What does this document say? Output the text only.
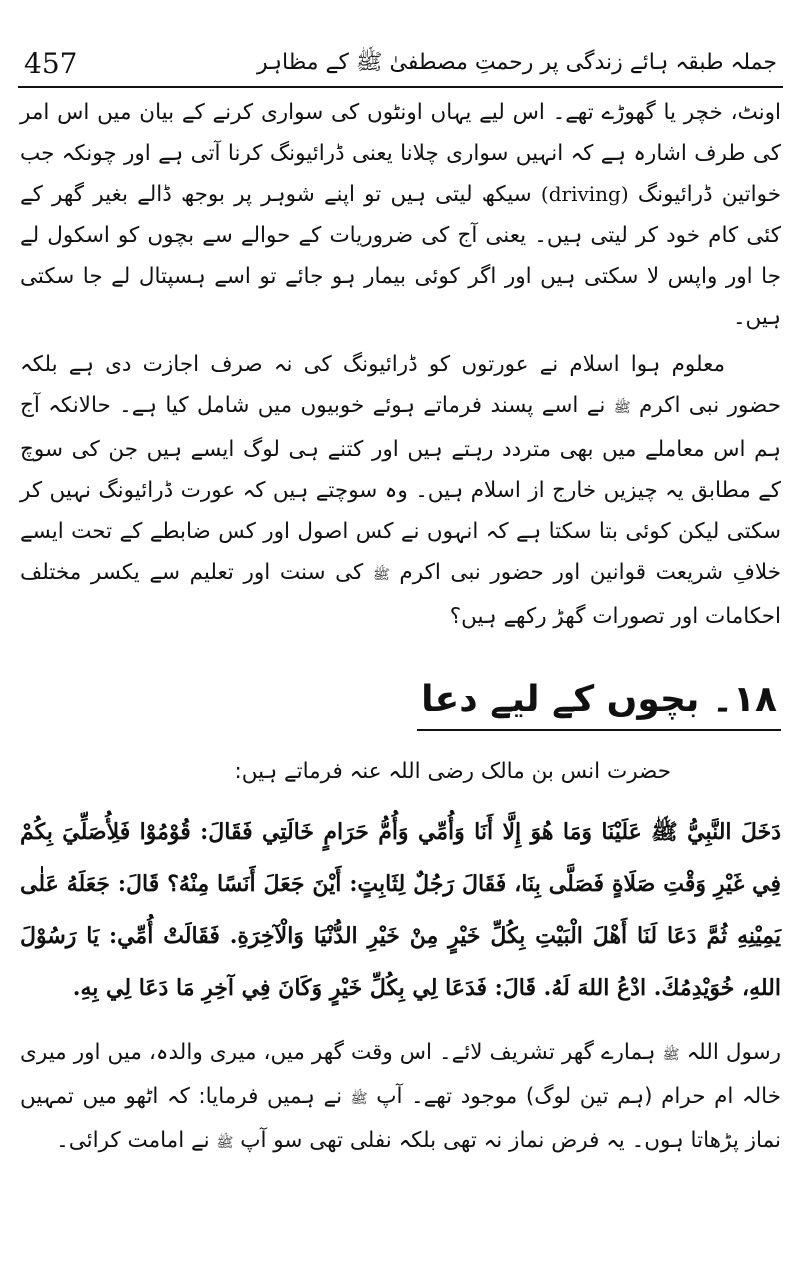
457	جملہ طبقہ ہائے زندگی پر رحمتِ مصطفیٰ ﷺ کے مظاہر

اونٹ، خچر یا گھوڑے تھے۔ اس لیے یہاں اونٹوں کی سواری کرنے کے بیان میں اس امر کی طرف اشارہ ہے کہ انہیں سواری چلانا یعنی ڈرائیونگ کرنا آتی ہے اور چونکہ جب خواتین ڈرائیونگ (driving) سیکھ لیتی ہیں تو اپنے شوہر پر بوجھ ڈالے بغیر گھر کے کئی کام خود کر لیتی ہیں۔ یعنی آج کی ضروریات کے حوالے سے بچوں کو اسکول لے جا اور واپس لا سکتی ہیں اور اگر کوئی بیمار ہو جائے تو اسے ہسپتال لے جا سکتی ہیں۔

معلوم ہوا اسلام نے عورتوں کو ڈرائیونگ کی نہ صرف اجازت دی ہے بلکہ حضور نبی اکرم ﷺ نے اسے پسند فرماتے ہوئے خوبیوں میں شامل کیا ہے۔ حالانکہ آج ہم اس معاملے میں بھی متردد رہتے ہیں اور کتنے ہی لوگ ایسے ہیں جن کی سوچ کے مطابق یہ چیزیں خارج از اسلام ہیں۔ وہ سوچتے ہیں کہ عورت ڈرائیونگ نہیں کر سکتی لیکن کوئی بتا سکتا ہے کہ انہوں نے کس اصول اور کس ضابطے کے تحت ایسے خلافِ شریعت قوانین اور حضور نبی اکرم ﷺ کی سنت اور تعلیم سے یکسر مختلف احکامات اور تصورات گھڑ رکھے ہیں؟

۱۸۔ بچوں کے لیے دعا

حضرت انس بن مالک رضی اللہ عنہ فرماتے ہیں:

دَخَلَ النَّبِيُّ ﷺ عَلَيْنَا وَمَا هُوَ إِلَّا أَنَا وَأُمِّي وَأُمُّ حَرَامٍ خَالَتِي فَقَالَ: قُوْمُوْا فَلِأُصَلِّيَ بِكُمْ فِي غَيْرِ وَقْتِ صَلَاةٍ فَصَلَّى بِنَا، فَقَالَ رَجُلٌ لِثَابِتٍ: أَيْنَ جَعَلَ أَنَسًا مِنْهُ؟ قَالَ: جَعَلَهُ عَلٰى يَمِيْنِهِ ثُمَّ دَعَا لَنَا أَهْلَ الْبَيْتِ بِكُلِّ خَيْرٍ مِنْ خَيْرِ الدُّنْيَا وَالْآخِرَةِ. فَقَالَتْ أُمِّي: يَا رَسُوْلَ اللهِ، خُوَيْدِمُكَ. ادْعُ اللهَ لَهُ. قَالَ: فَدَعَا لِي بِكُلِّ خَيْرٍ وَكَانَ فِي آخِرِ مَا دَعَا لِي بِهِ.

رسول اللہ ﷺ ہمارے گھر تشریف لائے۔ اس وقت گھر میں، میری والدہ، میں اور میری خالہ ام حرام (ہم تین لوگ) موجود تھے۔ آپ ﷺ نے ہمیں فرمایا: کہ اٹھو میں تمہیں نماز پڑھاتا ہوں۔ یہ فرض نماز نہ تھی بلکہ نفلی تھی سو آپ ﷺ نے امامت کرائی۔
